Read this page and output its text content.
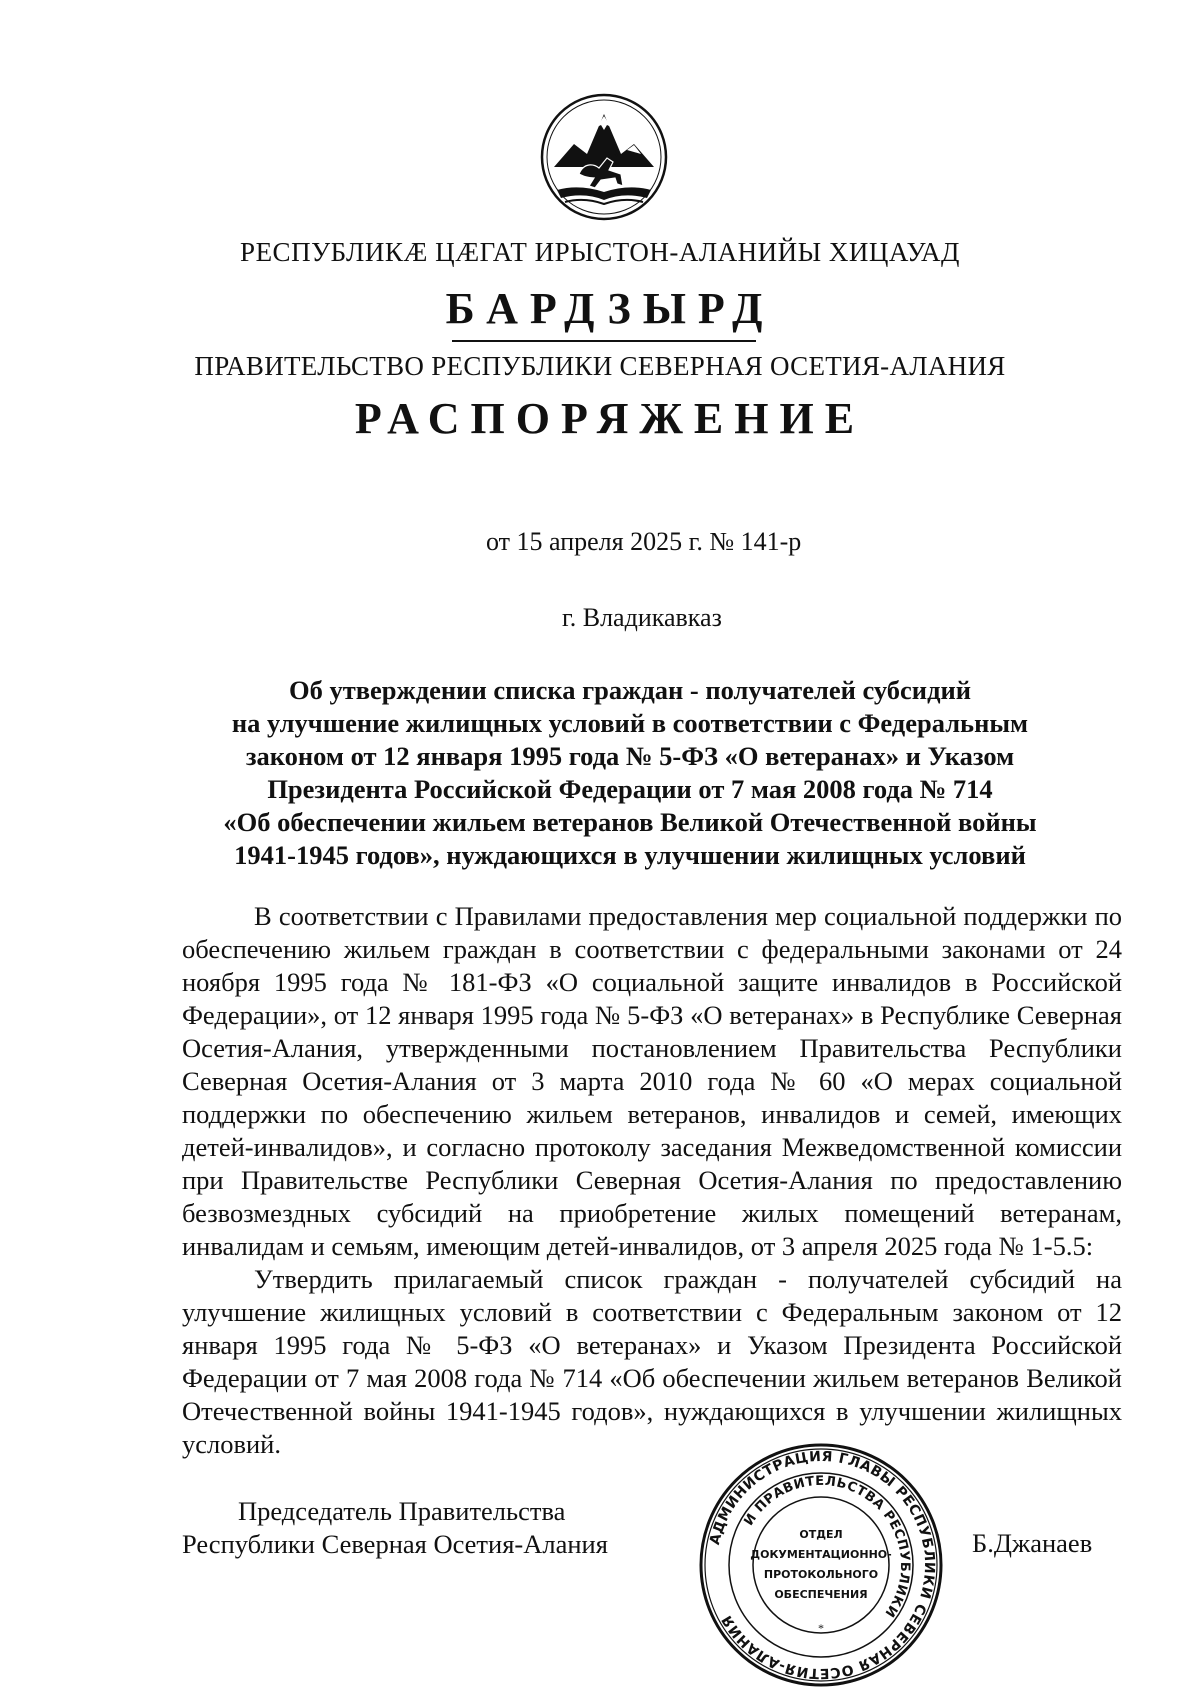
РЕСПУБЛИКÆ ЦÆГАТ ИРЫСТОН-АЛАНИЙЫ ХИЦАУАД
БАРДЗЫРД
ПРАВИТЕЛЬСТВО РЕСПУБЛИКИ СЕВЕРНАЯ ОСЕТИЯ-АЛАНИЯ
РАСПОРЯЖЕНИЕ
от 15 апреля 2025 г. № 141-р
г. Владикавказ
Об утверждении списка граждан - получателей субсидий
на улучшение жилищных условий в соответствии с Федеральным
законом от 12 января 1995 года № 5-ФЗ «О ветеранах» и Указом
Президента Российской Федерации от 7 мая 2008 года № 714
«Об обеспечении жильем ветеранов Великой Отечественной войны
1941-1945 годов», нуждающихся в улучшении жилищных условий

В соответствии с Правилами предоставления мер социальной поддержки по обеспечению жильем граждан в соответствии с федеральными законами от 24 ноября 1995 года № 181-ФЗ «О социальной защите инвалидов в Российской Федерации», от 12 января 1995 года № 5-ФЗ «О ветеранах» в Республике Северная Осетия-Алания, утвержденными постановлением Правительства Республики Северная Осетия-Алания от 3 марта 2010 года № 60 «О мерах социальной поддержки по обеспечению жильем ветеранов, инвалидов и семей, имеющих детей-инвалидов», и согласно протоколу заседания Межведомственной комиссии при Правительстве Республики Северная Осетия-Алания по предоставлению безвозмездных субсидий на приобретение жилых помещений ветеранам, инвалидам и семьям, имеющим детей-инвалидов, от 3 апреля 2025 года № 1-5.5:

Утвердить прилагаемый список граждан - получателей субсидий на улучшение жилищных условий в соответствии с Федеральным законом от 12 января 1995 года № 5-ФЗ «О ветеранах» и Указом Президента Российской Федерации от 7 мая 2008 года № 714 «Об обеспечении жильем ветеранов Великой Отечественной войны 1941-1945 годов», нуждающихся в улучшении жилищных условий.

Председатель Правительства
Республики Северная Осетия-Алания	АДМИНИСТРАЦИЯ ГЛАВЫ РЕСПУБЛИКИ СЕВЕРНАЯ ОСЕТИЯ-АЛАНИЯ
И ПРАВИТЕЛЬСТВА РЕСПУБЛИКИ
ОТДЕЛ
ДОКУМЕНТАЦИОННО-
ПРОТОКОЛЬНОГО
ОБЕСПЕЧЕНИЯ
*
Б.Джанаев
